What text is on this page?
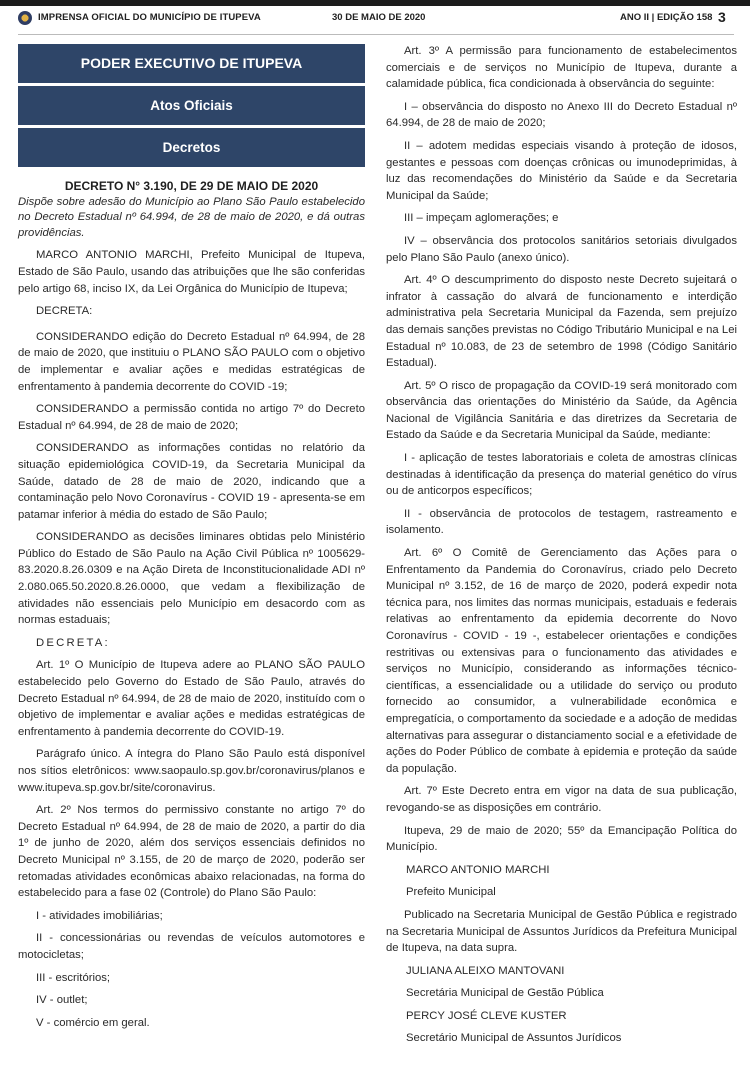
IMPRENSA OFICIAL DO MUNICÍPIO DE ITUPEVA	30 DE MAIO DE 2020	ANO II | EDIÇÃO 158 3
PODER EXECUTIVO DE ITUPEVA
Atos Oficiais
Decretos
DECRETO N° 3.190, DE 29 DE MAIO DE 2020

Dispõe sobre adesão do Município ao Plano São Paulo estabelecido no Decreto Estadual nº 64.994, de 28 de maio de 2020, e dá outras providências.

MARCO ANTONIO MARCHI, Prefeito Municipal de Itupeva, Estado de São Paulo, usando das atribuições que lhe são conferidas pelo artigo 68, inciso IX, da Lei Orgânica do Município de Itupeva;

DECRETA:

CONSIDERANDO edição do Decreto Estadual nº 64.994, de 28 de maio de 2020, que instituiu o PLANO SÃO PAULO com o objetivo de implementar e avaliar ações e medidas estratégicas de enfrentamento à pandemia decorrente do COVID -19;

CONSIDERANDO a permissão contida no artigo 7º do Decreto Estadual nº 64.994, de 28 de maio de 2020;

CONSIDERANDO as informações contidas no relatório da situação epidemiológica COVID-19, da Secretaria Municipal da Saúde, datado de 28 de maio de 2020, indicando que a contaminação pelo Novo Coronavírus - COVID 19 - apresenta-se em patamar inferior à média do estado de São Paulo;

CONSIDERANDO as decisões liminares obtidas pelo Ministério Público do Estado de São Paulo na Ação Civil Pública nº 1005629-83.2020.8.26.0309 e na Ação Direta de Inconstitucionalidade ADI nº 2.080.065.50.2020.8.26.0000, que vedam a flexibilização de atividades não essenciais pelo Município em desacordo com as normas estaduais;

DECRETA:

Art. 1º O Município de Itupeva adere ao PLANO SÃO PAULO estabelecido pelo Governo do Estado de São Paulo, através do Decreto Estadual nº 64.994, de 28 de maio de 2020, instituído com o objetivo de implementar e avaliar ações e medidas estratégicas de enfrentamento à pandemia decorrente do COVID-19.

Parágrafo único. A íntegra do Plano São Paulo está disponível nos sítios eletrônicos: www.saopaulo.sp.gov.br/coronavirus/planos e www.itupeva.sp.gov.br/site/coronavirus.

Art. 2º Nos termos do permissivo constante no artigo 7º do Decreto Estadual nº 64.994, de 28 de maio de 2020, a partir do dia 1º de junho de 2020, além dos serviços essenciais definidos no Decreto Municipal nº 3.155, de 20 de março de 2020, poderão ser retomadas atividades econômicas abaixo relacionadas, na forma do estabelecido para a fase 02 (Controle) do Plano São Paulo:

I - atividades imobiliárias;

II - concessionárias ou revendas de veículos automotores e motocicletas;

III - escritórios;

IV - outlet;

V - comércio em geral.

Art. 3º A permissão para funcionamento de estabelecimentos comerciais e de serviços no Município de Itupeva, durante a calamidade pública, fica condicionada à observância do seguinte:

I – observância do disposto no Anexo III do Decreto Estadual nº 64.994, de 28 de maio de 2020;

II – adotem medidas especiais visando à proteção de idosos, gestantes e pessoas com doenças crônicas ou imunodeprimidas, à luz das recomendações do Ministério da Saúde e da Secretaria Municipal da Saúde;

III – impeçam aglomerações; e

IV – observância dos protocolos sanitários setoriais divulgados pelo Plano São Paulo (anexo único).

Art. 4º O descumprimento do disposto neste Decreto sujeitará o infrator à cassação do alvará de funcionamento e interdição administrativa pela Secretaria Municipal da Fazenda, sem prejuízo das demais sanções previstas no Código Tributário Municipal e na Lei Estadual nº 10.083, de 23 de setembro de 1998 (Código Sanitário Estadual).

Art. 5º O risco de propagação da COVID-19 será monitorado com observância das orientações do Ministério da Saúde, da Agência Nacional de Vigilância Sanitária e das diretrizes da Secretaria de Estado da Saúde e da Secretaria Municipal da Saúde, mediante:

I - aplicação de testes laboratoriais e coleta de amostras clínicas destinadas à identificação da presença do material genético do vírus ou de anticorpos específicos;

II - observância de protocolos de testagem, rastreamento e isolamento.

Art. 6º O Comitê de Gerenciamento das Ações para o Enfrentamento da Pandemia do Coronavírus, criado pelo Decreto Municipal nº 3.152, de 16 de março de 2020, poderá expedir nota técnica para, nos limites das normas municipais, estaduais e federais relativas ao enfrentamento da epidemia decorrente do Novo Coronavírus - COVID - 19 -, estabelecer orientações e condições restritivas ou extensivas para o funcionamento das atividades e serviços no Município, considerando as informações técnico-científicas, a essencialidade ou a utilidade do serviço ou produto fornecido ao consumidor, a vulnerabilidade econômica e empregatícia, o comportamento da sociedade e a adoção de medidas alternativas para assegurar o distanciamento social e a efetividade de ações do Poder Público de combate à epidemia e proteção da saúde da população.

Art. 7º Este Decreto entra em vigor na data de sua publicação, revogando-se as disposições em contrário.

Itupeva, 29 de maio de 2020; 55º da Emancipação Política do Município.

MARCO ANTONIO MARCHI

Prefeito Municipal

Publicado na Secretaria Municipal de Gestão Pública e registrado na Secretaria Municipal de Assuntos Jurídicos da Prefeitura Municipal de Itupeva, na data supra.

JULIANA ALEIXO MANTOVANI

Secretária Municipal de Gestão Pública

PERCY JOSÉ CLEVE KUSTER

Secretário Municipal de Assuntos Jurídicos
